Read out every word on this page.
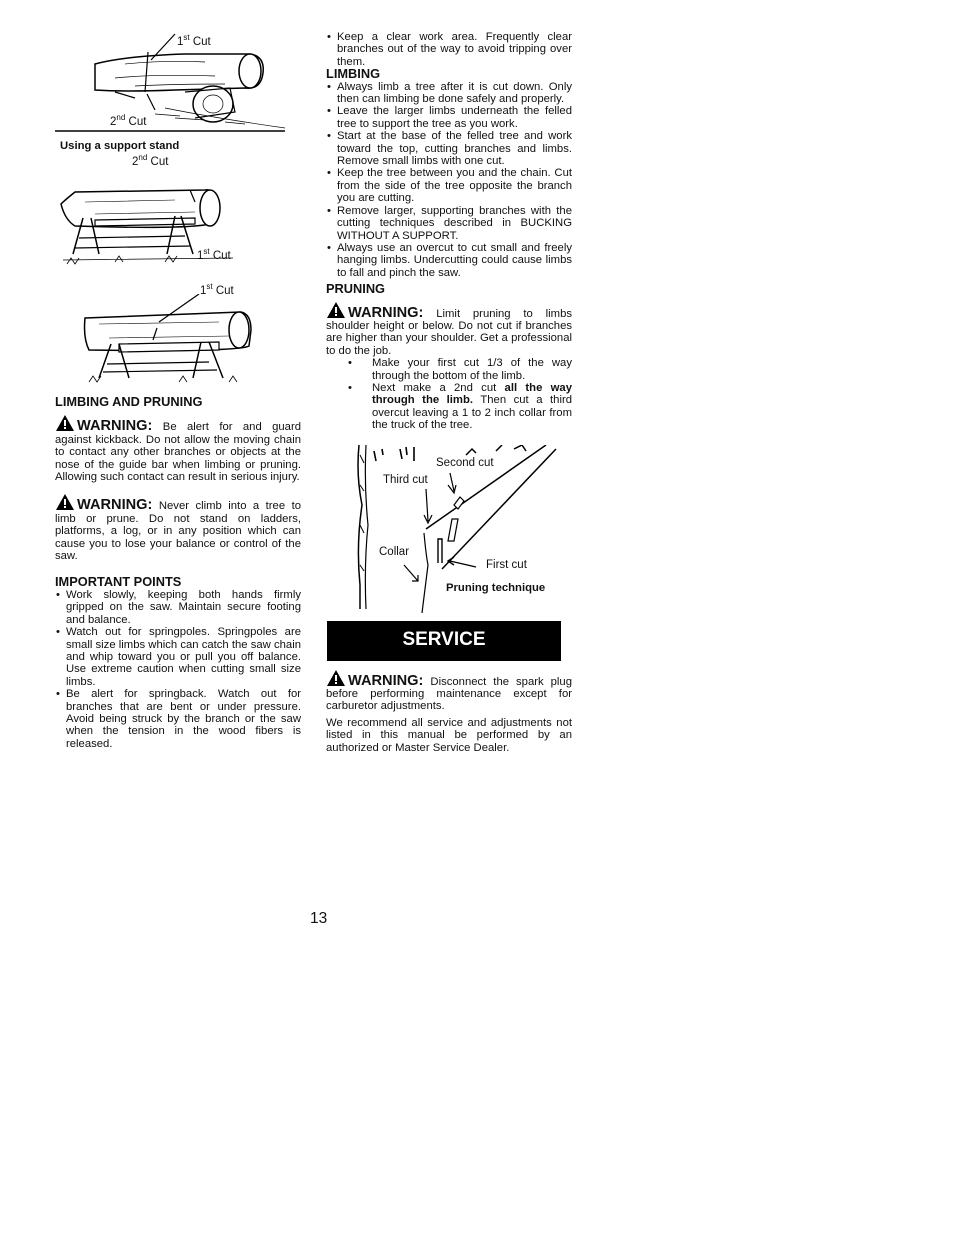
1st Cut
2nd Cut
Using a support stand
2nd Cut
1st Cut
1st Cut
LIMBING AND PRUNING

WARNING: Be alert for and guard against kickback. Do not allow the moving chain to contact any other branches or objects at the nose of the guide bar when limbing or pruning. Allowing such contact can result in serious injury.

WARNING: Never climb into a tree to limb or prune. Do not stand on ladders, platforms, a log, or in any position which can cause you to lose your balance or control of the saw.

IMPORTANT POINTS
• Work slowly, keeping both hands firmly gripped on the saw. Maintain secure footing and balance.
• Watch out for springpoles. Springpoles are small size limbs which can catch the saw chain and whip toward you or pull you off balance. Use extreme caution when cutting small size limbs.
• Be alert for springback. Watch out for branches that are bent or under pressure. Avoid being struck by the branch or the saw when the tension in the wood fibers is released.
• Keep a clear work area. Frequently clear branches out of the way to avoid tripping over them.
LIMBING
• Always limb a tree after it is cut down. Only then can limbing be done safely and properly.
• Leave the larger limbs underneath the felled tree to support the tree as you work.
• Start at the base of the felled tree and work toward the top, cutting branches and limbs. Remove small limbs with one cut.
• Keep the tree between you and the chain. Cut from the side of the tree opposite the branch you are cutting.
• Remove larger, supporting branches with the cutting techniques described in BUCKING WITHOUT A SUPPORT.
• Always use an overcut to cut small and freely hanging limbs. Undercutting could cause limbs to fall and pinch the saw.
PRUNING

WARNING: Limit pruning to limbs shoulder height or below. Do not cut if branches are higher than your shoulder. Get a professional to do the job.

• Make your first cut 1/3 of the way through the bottom of the limb.
• Next make a 2nd cut all the way through the limb. Then cut a third overcut leaving a 1 to 2 inch collar from the truck of the tree.
Second cut
Third cut
Collar
First cut
Pruning technique
SERVICE

WARNING: Disconnect the spark plug before performing maintenance except for carburetor adjustments.

We recommend all service and adjustments not listed in this manual be performed by an authorized or Master Service Dealer.

13
